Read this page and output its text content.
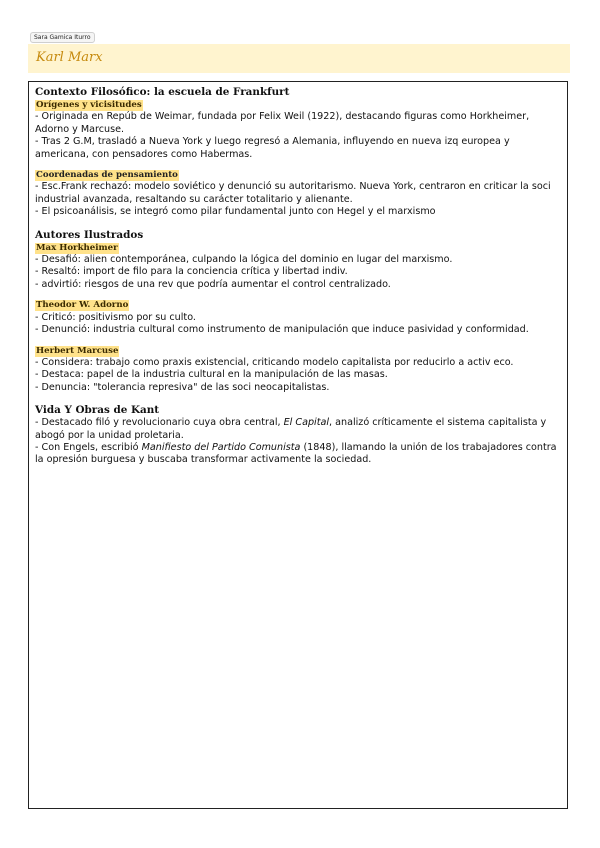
Sara Gamica Iturro
Karl Marx
Contexto Filosófico: la escuela de Frankfurt
Orígenes y vicisitudes

- Originada en Repúb de Weimar, fundada por Felix Weil (1922), destacando figuras como Horkheimer, Adorno y Marcuse.

- Tras 2 G.M, trasladó a Nueva York y luego regresó a Alemania, influyendo en nueva izq europea y americana, con pensadores como Habermas.

Coordenadas de pensamiento

- Esc.Frank rechazó: modelo soviético y denunció su autoritarismo. Nueva York, centraron en criticar la soci industrial avanzada, resaltando su carácter totalitario y alienante.

- El psicoanálisis, se integró como pilar fundamental junto con Hegel y el marxismo

Autores Ilustrados
Max Horkheimer

- Desafió: alien contemporánea, culpando la lógica del dominio en lugar del marxismo.

- Resaltó: import de filo para la conciencia crítica y libertad indiv.

- advirtió: riesgos de una rev que podría aumentar el control centralizado.

Theodor W. Adorno

- Criticó: positivismo por su culto.

- Denunció: industria cultural como instrumento de manipulación que induce pasividad y conformidad.

Herbert Marcuse

- Considera: trabajo como praxis existencial, criticando modelo capitalista por reducirlo a activ eco.

- Destaca: papel de la industria cultural en la manipulación de las masas.

- Denuncia: "tolerancia represiva" de las soci neocapitalistas.

Vida Y Obras de Kant

- Destacado filó y revolucionario cuya obra central, El Capital, analizó críticamente el sistema capitalista y abogó por la unidad proletaria.

- Con Engels, escribió Manifiesto del Partido Comunista (1848), llamando la unión de los trabajadores contra la opresión burguesa y buscaba transformar activamente la sociedad.
